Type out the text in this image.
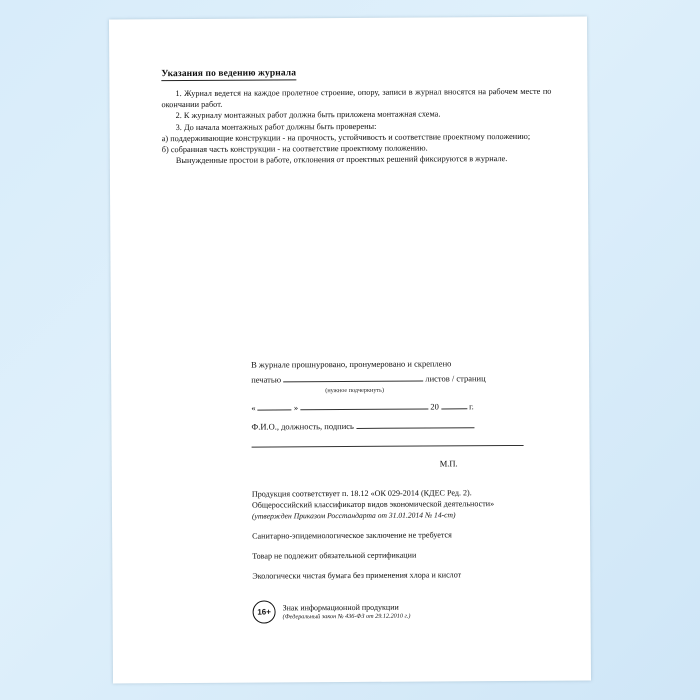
Указания по ведению журнала
1. Журнал ведется на каждое пролетное строение, опору, записи в журнал вносятся на рабочем месте по окончании работ.
2. К журналу монтажных работ должна быть приложена монтажная схема.
3. До начала монтажных работ должны быть проверены:
а) поддерживающие конструкции - на прочность, устойчивость и соответствие проектному положению;
б) собранная часть конструкции - на соответствие проектному положению.
Вынужденные простои в работе, отклонения от проектных решений фиксируются в журнале.
В журнале прошнуровано, пронумеровано и скреплено
печатью	листов / страниц
(нужное подчеркнуть)
«	»	20	г.
Ф.И.О., должность, подпись
М.П.
Продукция соответствует п. 18.12 «ОК 029-2014 (КДЕС Ред. 2).
Общероссийский классификатор видов экономической деятельности»
(утвержден Приказом Росстандарта от 31.01.2014 № 14-ст)
Санитарно-эпидемиологическое заключение не требуется
Товар не подлежит обязательной сертификации
Экологически чистая бумага без применения хлора и кислот
16+
Знак информационной продукции
(Федеральный закон № 436-ФЗ от 29.12.2010 г.)
